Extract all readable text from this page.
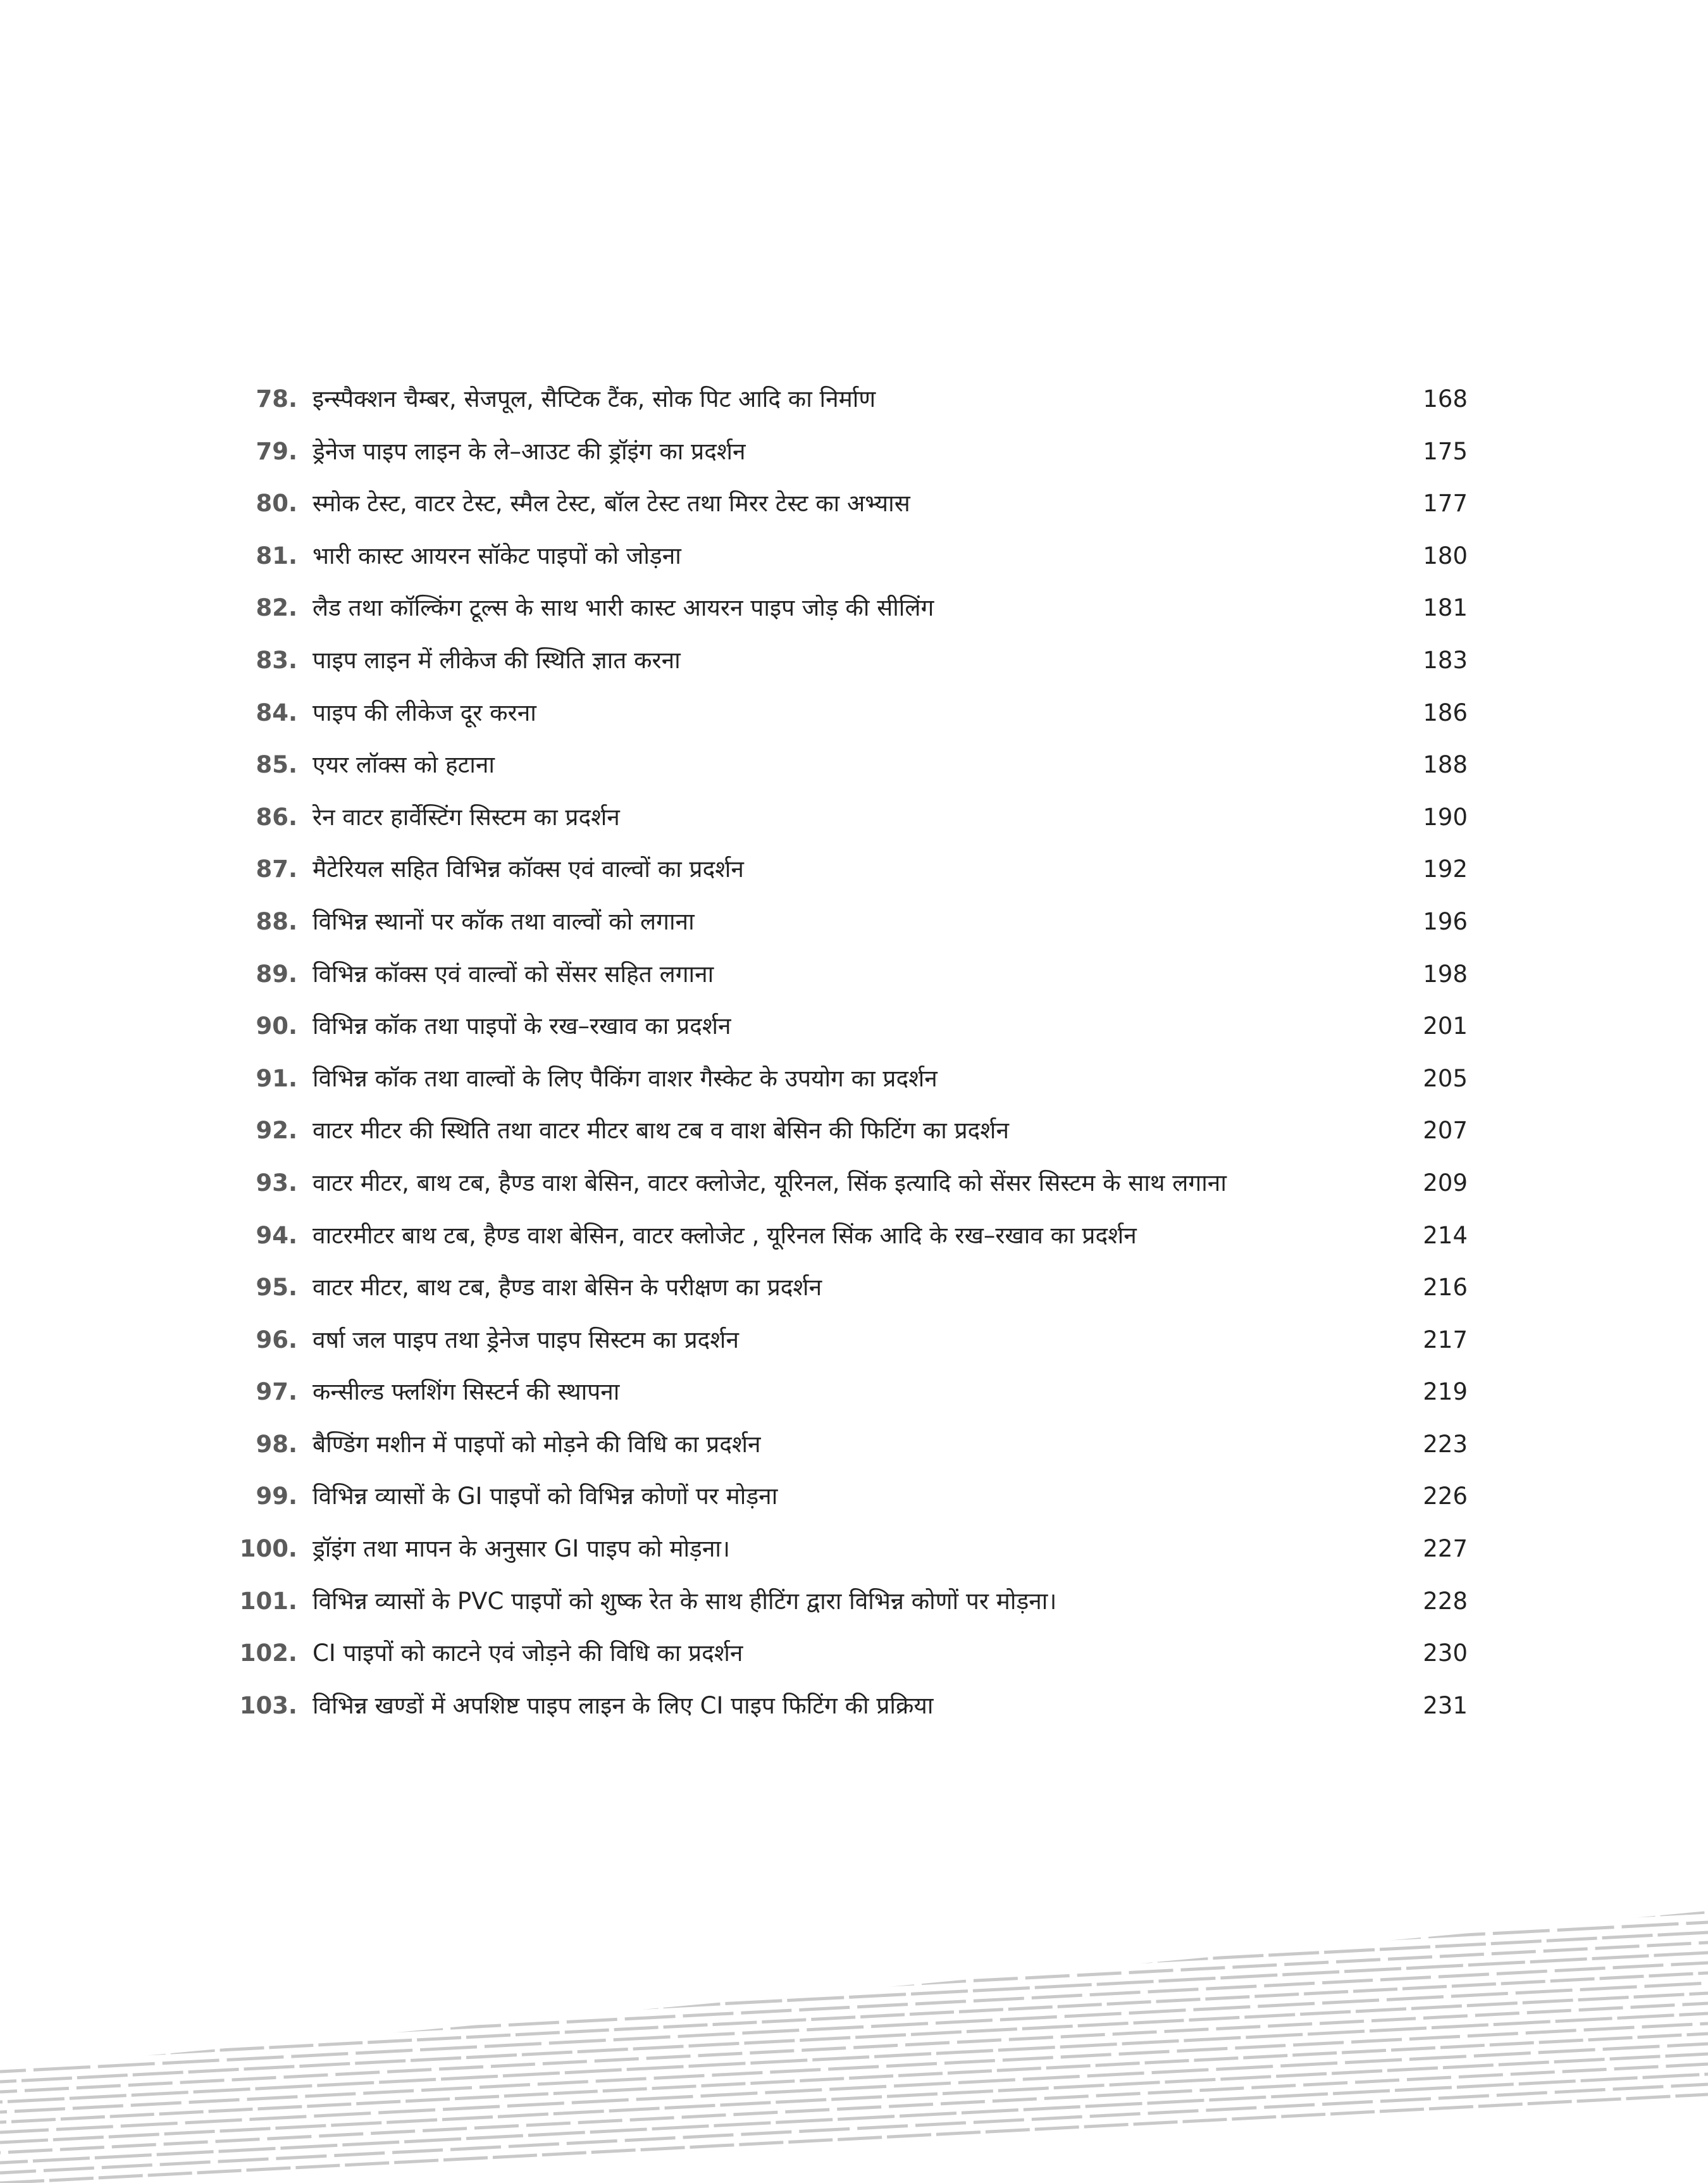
78. इन्स्पैक्शन चैम्बर, सेजपूल, सैप्टिक टैंक, सोक पिट आदि का निर्माण	168
79. ड्रेनेज पाइप लाइन के ले–आउट की ड्रॉइंग का प्रदर्शन	175
80. स्मोक टेस्ट, वाटर टेस्ट, स्मैल टेस्ट, बॉल टेस्ट तथा मिरर टेस्ट का अभ्यास	177
81. भारी कास्ट आयरन सॉकेट पाइपों को जोड़ना	180
82. लैड तथा कॉल्किंग टूल्स के साथ भारी कास्ट आयरन पाइप जोड़ की सीलिंग	181
83. पाइप लाइन में लीकेज की स्थिति ज्ञात करना	183
84. पाइप की लीकेज दूर करना	186
85. एयर लॉक्स को हटाना	188
86. रेन वाटर हार्वेस्टिंग सिस्टम का प्रदर्शन	190
87. मैटेरियल सहित विभिन्न कॉक्स एवं वाल्वों का प्रदर्शन	192
88. विभिन्न स्थानों पर कॉक तथा वाल्वों को लगाना	196
89. विभिन्न कॉक्स एवं वाल्वों को सेंसर सहित लगाना	198
90. विभिन्न कॉक तथा पाइपों के रख–रखाव का प्रदर्शन	201
91. विभिन्न कॉक तथा वाल्वों के लिए पैकिंग वाशर गैस्केट के उपयोग का प्रदर्शन	205
92. वाटर मीटर की स्थिति तथा वाटर मीटर बाथ टब व वाश बेसिन की फिटिंग का प्रदर्शन	207
93. वाटर मीटर, बाथ टब, हैण्ड वाश बेसिन, वाटर क्लोजेट, यूरिनल, सिंक इत्यादि को सेंसर सिस्टम के साथ लगाना	209
94. वाटरमीटर बाथ टब, हैण्ड वाश बेसिन, वाटर क्लोजेट , यूरिनल सिंक आदि के रख–रखाव का प्रदर्शन	214
95. वाटर मीटर, बाथ टब, हैण्ड वाश बेसिन के परीक्षण का प्रदर्शन	216
96. वर्षा जल पाइप तथा ड्रेनेज पाइप सिस्टम का प्रदर्शन	217
97. कन्सील्ड फ्लशिंग सिस्टर्न की स्थापना	219
98. बैण्डिंग मशीन में पाइपों को मोड़ने की विधि का प्रदर्शन	223
99. विभिन्न व्यासों के GI पाइपों को विभिन्न कोणों पर मोड़ना	226
100. ड्रॉइंग तथा मापन के अनुसार GI पाइप को मोड़ना।	227
101. विभिन्न व्यासों के PVC पाइपों को शुष्क रेत के साथ हीटिंग द्वारा विभिन्न कोणों पर मोड़ना।	228
102. CI पाइपों को काटने एवं जोड़ने की विधि का प्रदर्शन	230
103. विभिन्न खण्डों में अपशिष्ट पाइप लाइन के लिए CI पाइप फिटिंग की प्रक्रिया	231
